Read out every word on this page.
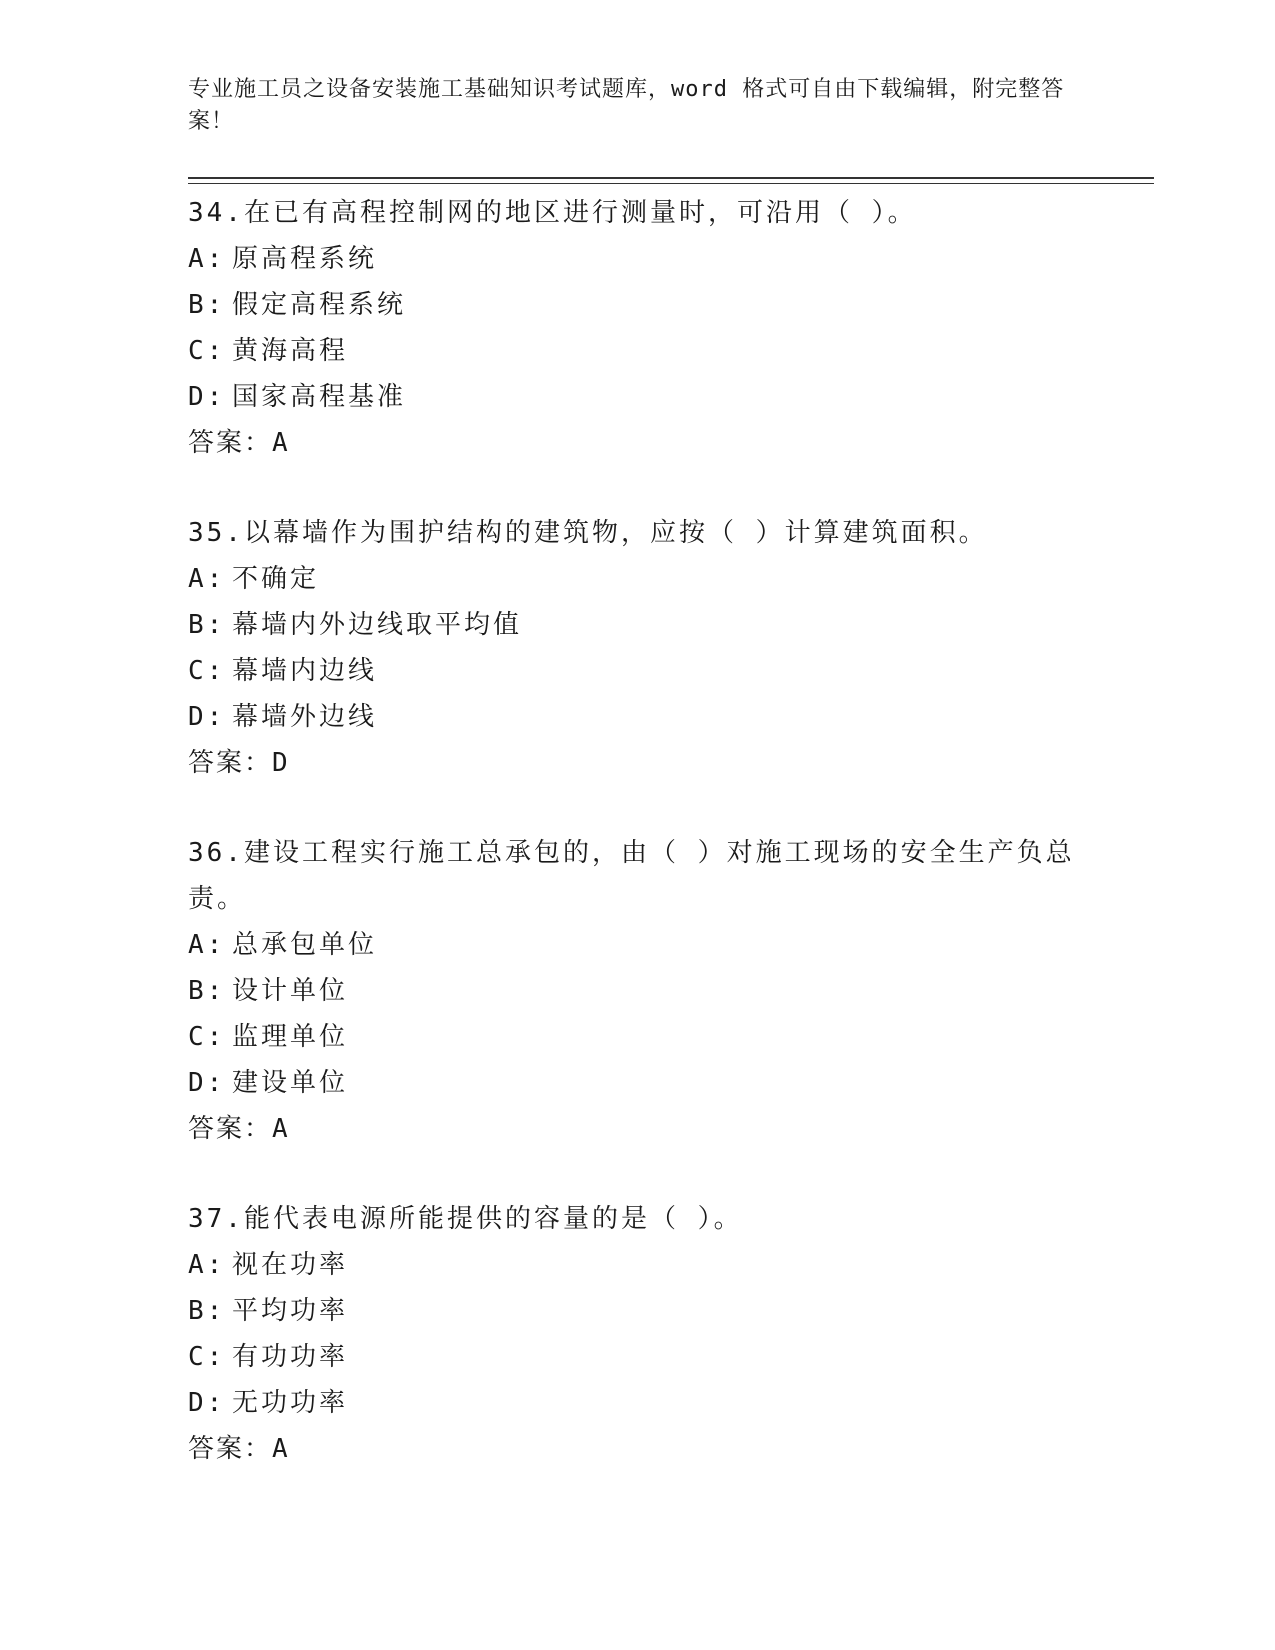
专业施工员之设备安装施工基础知识考试题库，word 格式可自由下载编辑，附完整答案！
34.在已有高程控制网的地区进行测量时，可沿用（ ）。
A: 原高程系统
B: 假定高程系统
C: 黄海高程
D: 国家高程基准
答案：A
35.以幕墙作为围护结构的建筑物，应按（ ）计算建筑面积。
A: 不确定
B: 幕墙内外边线取平均值
C: 幕墙内边线
D: 幕墙外边线
答案：D
36.建设工程实行施工总承包的，由（ ）对施工现场的安全生产负总责。
A: 总承包单位
B: 设计单位
C: 监理单位
D: 建设单位
答案：A
37.能代表电源所能提供的容量的是（ ）。
A: 视在功率
B: 平均功率
C: 有功功率
D: 无功功率
答案：A
